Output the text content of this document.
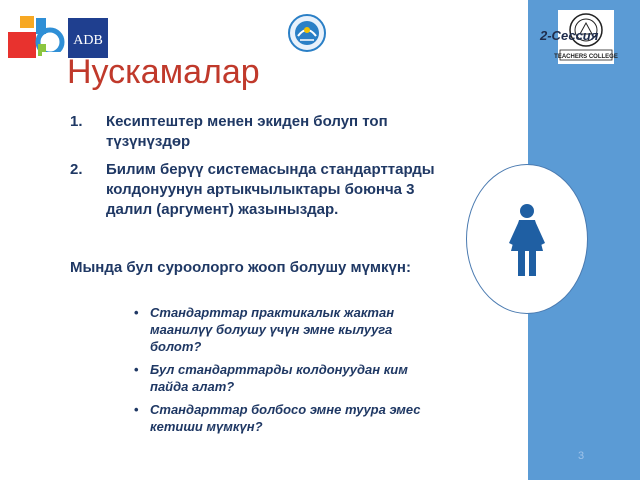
ADB
TEACHERS COLLEGE
2-Сессия
Нускамалар
1. Кесиптештер менен экиден болуп топ түзүнүздөр
2. Билим берүү системасында стандарттарды колдонуунун артыкчылыктары боюнча 3 далил (аргумент) жазыныздар.
Мында бул суроолорго жооп болушу мүмкүн:
• Стандарттар практикалык жактан маанилүү болушу үчүн эмне кылууга болот?
• Бул стандарттарды колдонуудан ким пайда алат?
• Стандарттар болбосо эмне туура эмес кетиши мүмкүн?
3
